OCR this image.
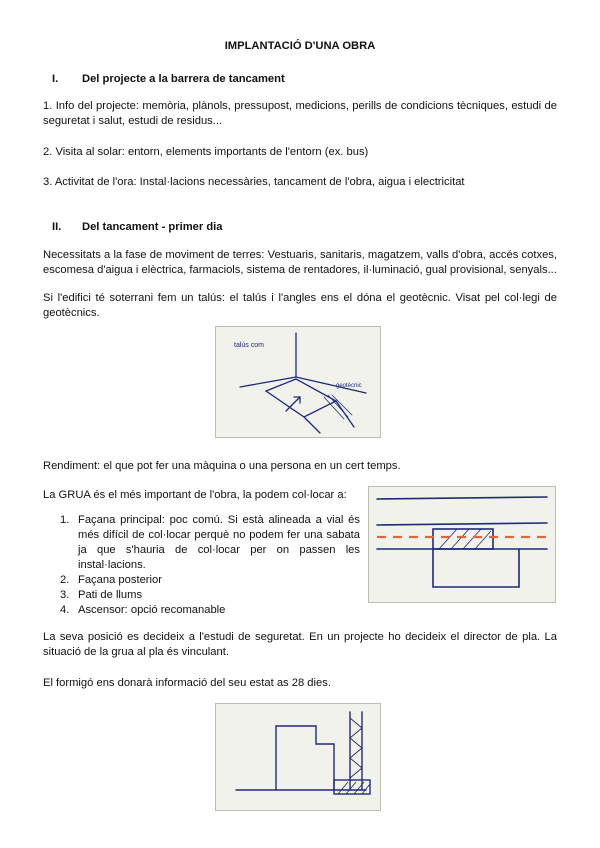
IMPLANTACIÓ D'UNA OBRA
I. Del projecte a la barrera de tancament
1. Info del projecte: memòria, plànols, pressupost, medicions, perills de condicions tècniques, estudi de seguretat i salut, estudi de residus...
2. Visita al solar: entorn, elements importants de l'entorn (ex. bus)
3. Activitat de l'ora: Instal·lacions necessàries, tancament de l'obra, aigua i electricitat
II. Del tancament - primer dia
Necessitats a la fase de moviment de terres: Vestuaris, sanitaris, magatzem, valls d'obra, accés cotxes, escomesa d'aigua i elèctrica, farmaciols, sistema de rentadores, il·luminació, gual provisional, senyals...
Si l'edifici té soterrani fem un talús: el talús i l'angles ens el dóna el geotècnic. Visat pel col·legi de geotècnics.
talús com
geotècnic
Rendiment: el que pot fer una màquina o una persona en un cert temps.
La GRUA és el més important de l'obra, la podem col·locar a:
1. Façana principal: poc comú. Si està alineada a vial és més difícil de col·locar perquè no podem fer una sabata ja que s'hauria de col·locar per on passen les instal·lacions.
2. Façana posterior
3. Pati de llums
4. Ascensor: opció recomanable
La seva posició es decideix a l'estudi de seguretat. En un projecte ho decideix el director de pla. La situació de la grua al pla és vinculant.
El formigó ens donarà informació del seu estat as 28 dies.
